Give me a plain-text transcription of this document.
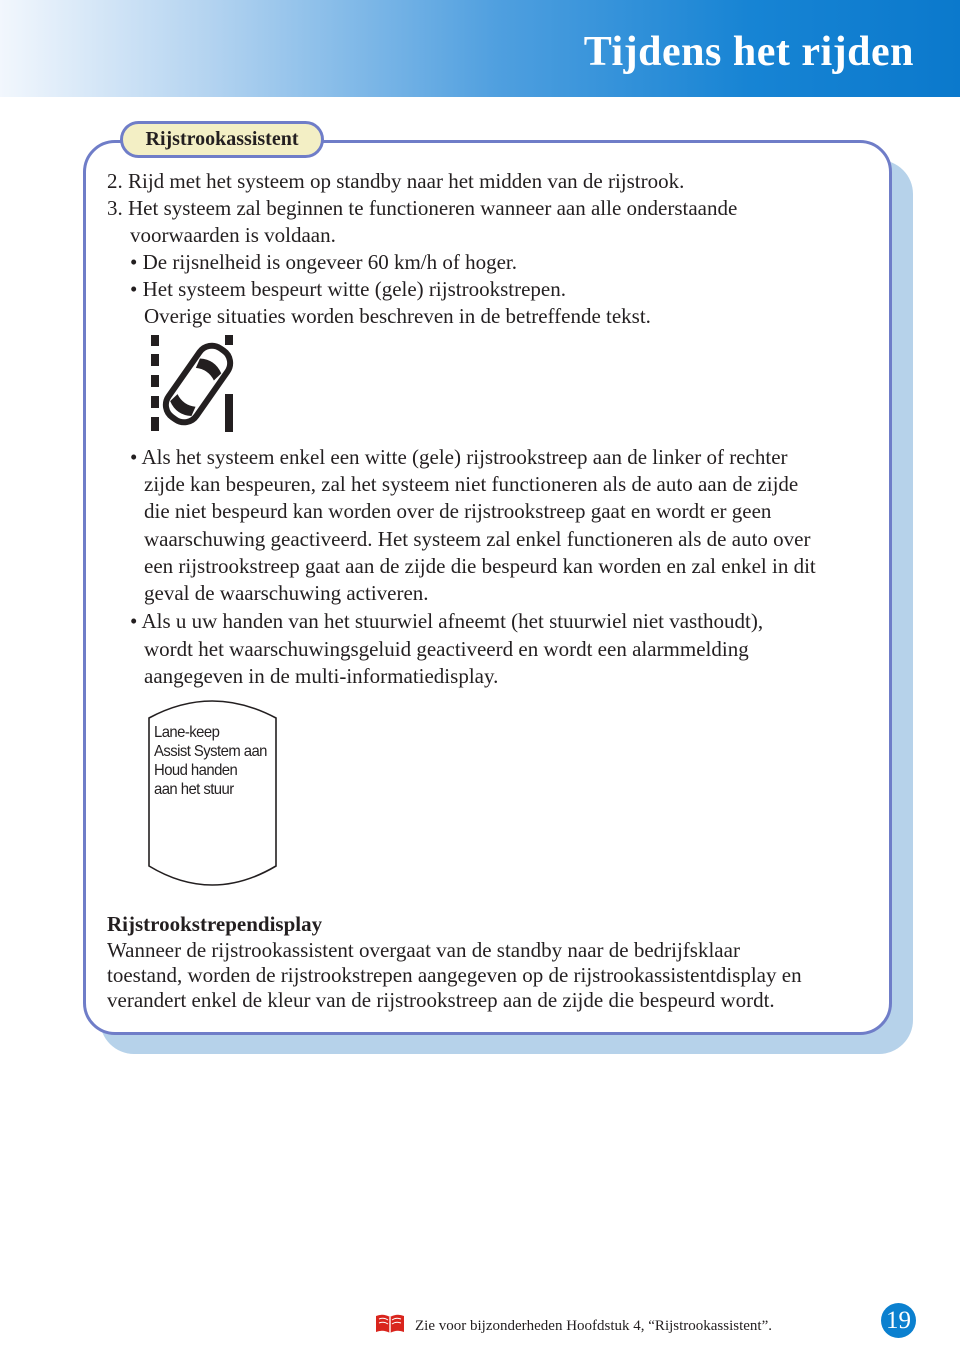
Tijdens het rijden
Rijstrookassistent

2. Rijd met het systeem op standby naar het midden van de rijstrook.

3. Het systeem zal beginnen te functioneren wanneer aan alle onderstaande

voorwaarden is voldaan.

• De rijsnelheid is ongeveer 60 km/h of hoger.

• Het systeem bespeurt witte (gele) rijstrookstrepen.

Overige situaties worden beschreven in de betreffende tekst.

• Als het systeem enkel een witte (gele) rijstrookstreep aan de linker of rechter

zijde kan bespeuren, zal het systeem niet functioneren als de auto aan de zijde

die niet bespeurd kan worden over de rijstrookstreep gaat en wordt er geen

waarschuwing geactiveerd. Het systeem zal enkel functioneren als de auto over

een rijstrookstreep gaat aan de zijde die bespeurd kan worden en zal enkel in dit

geval de waarschuwing activeren.

• Als u uw handen van het stuurwiel afneemt (het stuurwiel niet vasthoudt),

wordt het waarschuwingsgeluid geactiveerd en wordt een alarmmelding

aangegeven in de multi-informatiedisplay.

Lane-keep
Assist System aan
Houd handen
aan het stuur

Rijstrookstrependisplay

Wanneer de rijstrookassistent overgaat van de standby naar de bedrijfsklaar

toestand, worden de rijstrookstrepen aangegeven op de rijstrookassistentdisplay en

verandert enkel de kleur van de rijstrookstreep aan de zijde die bespeurd wordt.

Zie voor bijzonderheden Hoofdstuk 4, “Rijstrookassistent”.	19
